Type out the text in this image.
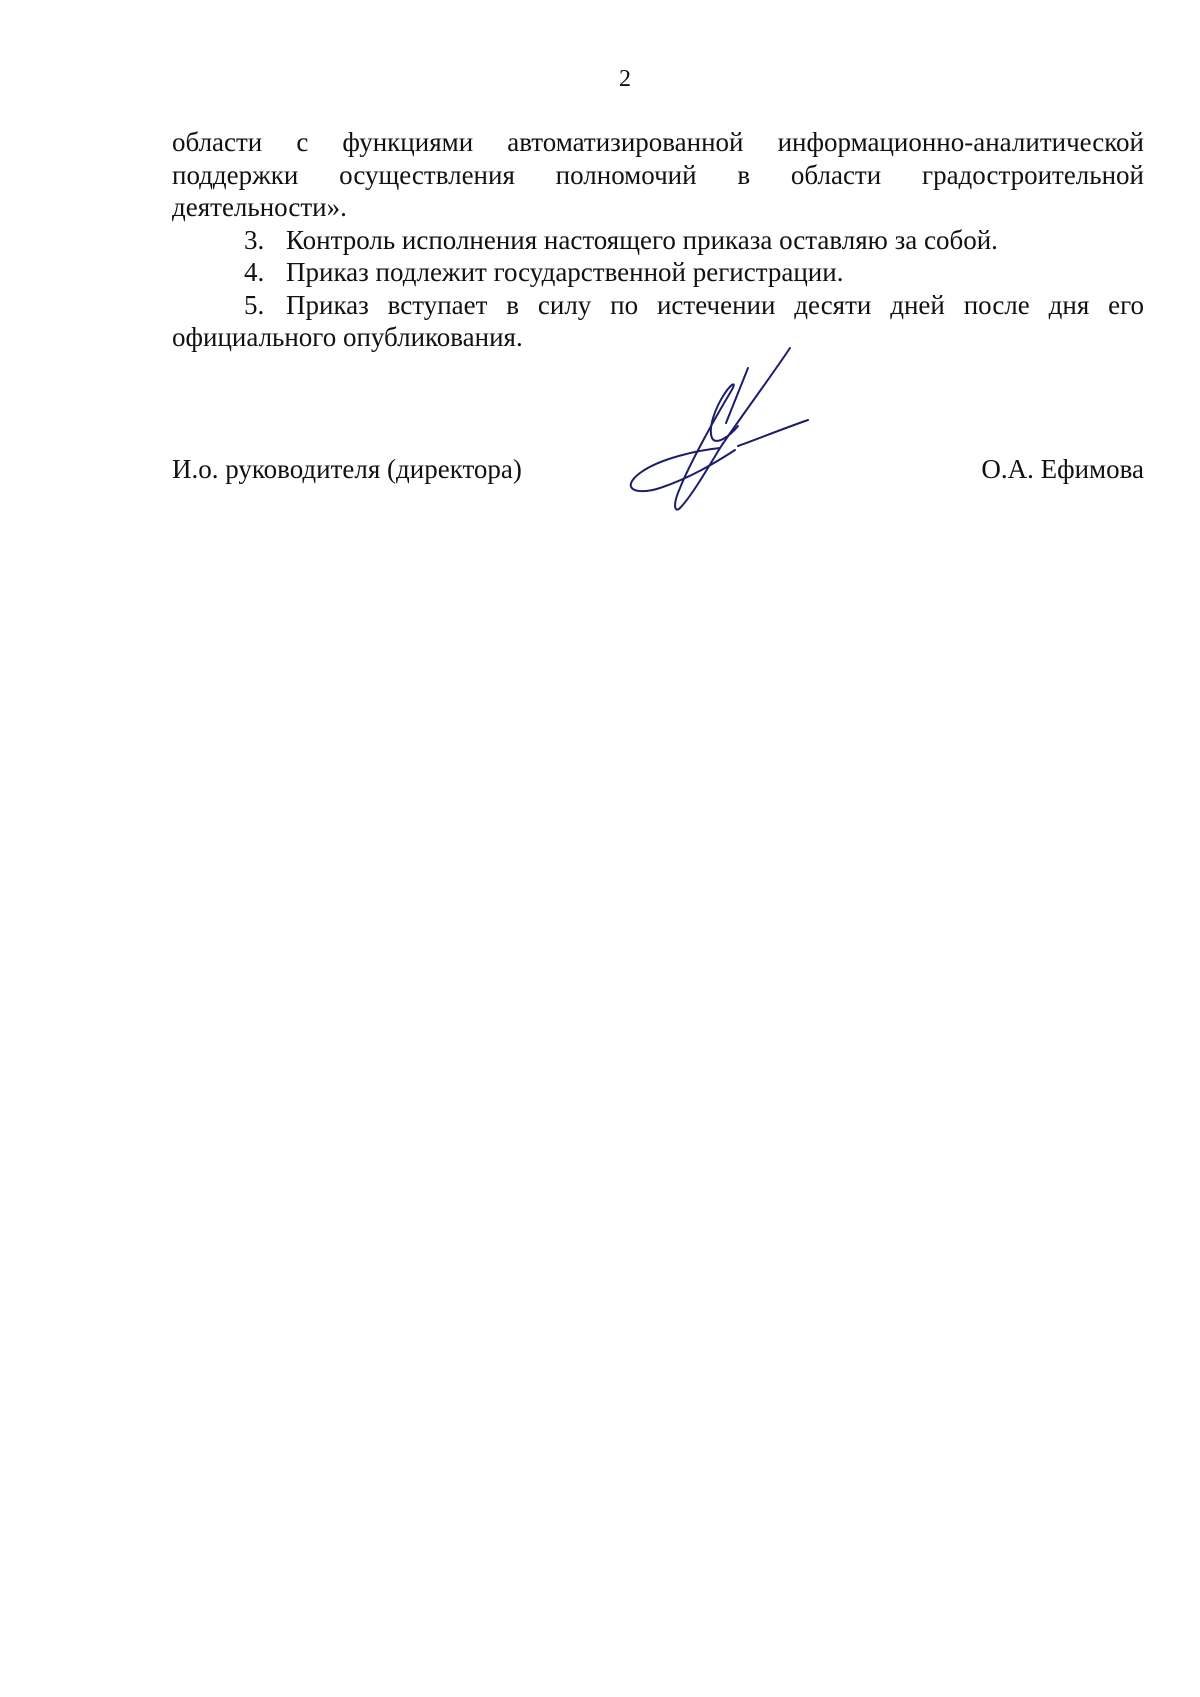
2

области с функциями автоматизированной информационно-аналитической поддержки осуществления полномочий в области градостроительной деятельности».

3. Контроль исполнения настоящего приказа оставляю за собой.

4. Приказ подлежит государственной регистрации.

5. Приказ вступает в силу по истечении десяти дней после дня его официального опубликования.

И.о. руководителя (директора)	О.А. Ефимова
